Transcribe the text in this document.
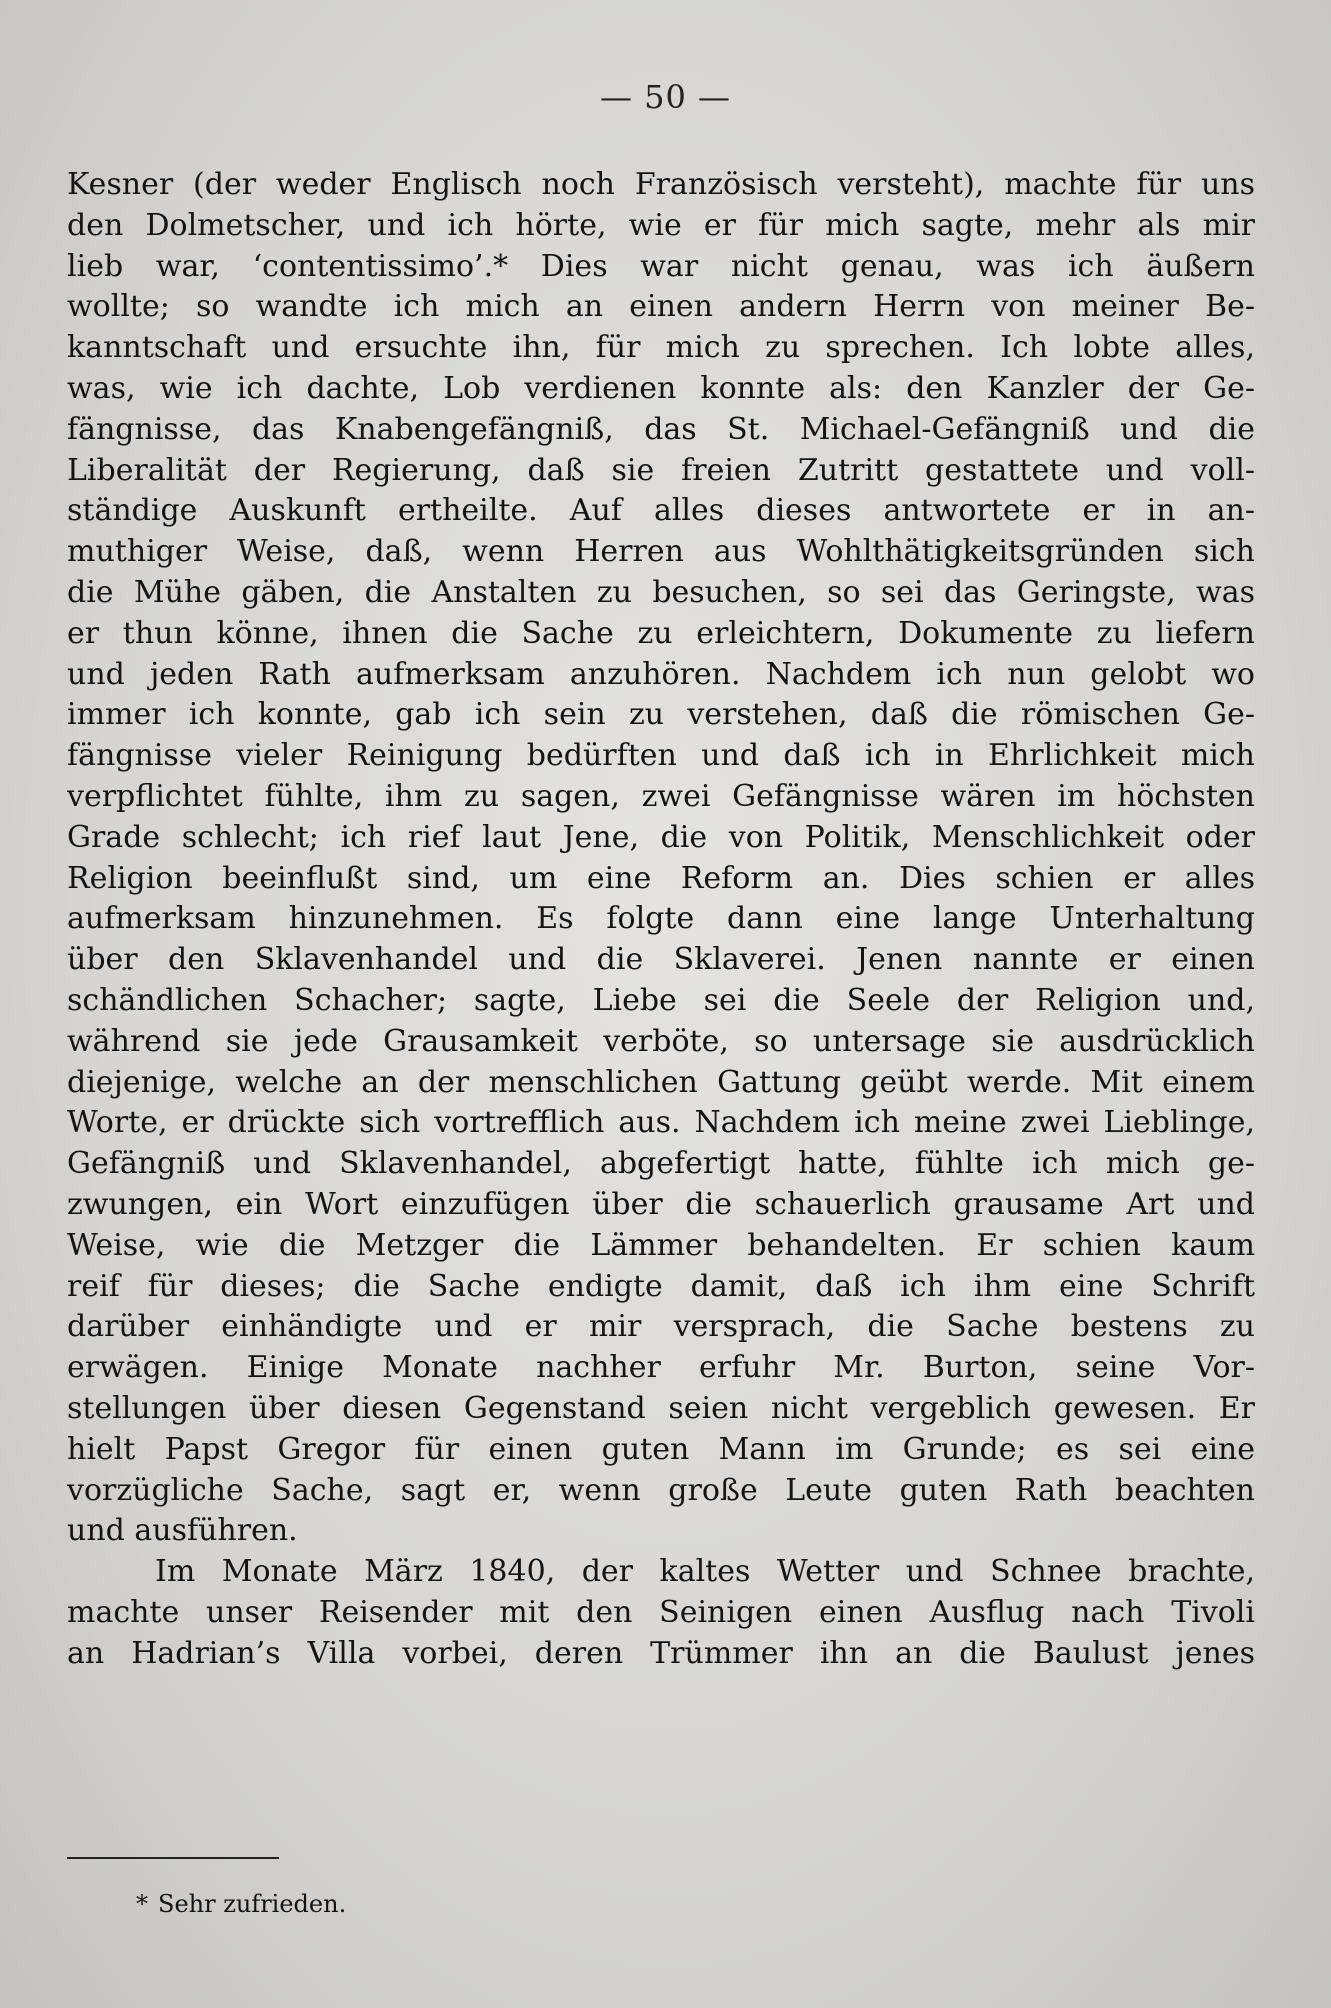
— 50 —
Kesner (der weder Englisch noch Französisch versteht), machte für uns
den Dolmetscher, und ich hörte, wie er für mich sagte, mehr als mir
lieb war, ‘contentissimo’.* Dies war nicht genau, was ich äußern
wollte; so wandte ich mich an einen andern Herrn von meiner Be-
kanntschaft und ersuchte ihn, für mich zu sprechen. Ich lobte alles,
was, wie ich dachte, Lob verdienen konnte als: den Kanzler der Ge-
fängnisse, das Knabengefängniß, das St. Michael-Gefängniß und die
Liberalität der Regierung, daß sie freien Zutritt gestattete und voll-
ständige Auskunft ertheilte. Auf alles dieses antwortete er in an-
muthiger Weise, daß, wenn Herren aus Wohlthätigkeitsgründen sich
die Mühe gäben, die Anstalten zu besuchen, so sei das Geringste, was
er thun könne, ihnen die Sache zu erleichtern, Dokumente zu liefern
und jeden Rath aufmerksam anzuhören. Nachdem ich nun gelobt wo
immer ich konnte, gab ich sein zu verstehen, daß die römischen Ge-
fängnisse vieler Reinigung bedürften und daß ich in Ehrlichkeit mich
verpflichtet fühlte, ihm zu sagen, zwei Gefängnisse wären im höchsten
Grade schlecht; ich rief laut Jene, die von Politik, Menschlichkeit oder
Religion beeinflußt sind, um eine Reform an. Dies schien er alles
aufmerksam hinzunehmen. Es folgte dann eine lange Unterhaltung
über den Sklavenhandel und die Sklaverei. Jenen nannte er einen
schändlichen Schacher; sagte, Liebe sei die Seele der Religion und,
während sie jede Grausamkeit verböte, so untersage sie ausdrücklich
diejenige, welche an der menschlichen Gattung geübt werde. Mit einem
Worte, er drückte sich vortrefflich aus. Nachdem ich meine zwei Lieblinge,
Gefängniß und Sklavenhandel, abgefertigt hatte, fühlte ich mich ge-
zwungen, ein Wort einzufügen über die schauerlich grausame Art und
Weise, wie die Metzger die Lämmer behandelten. Er schien kaum
reif für dieses; die Sache endigte damit, daß ich ihm eine Schrift
darüber einhändigte und er mir versprach, die Sache bestens zu
erwägen. Einige Monate nachher erfuhr Mr. Burton, seine Vor-
stellungen über diesen Gegenstand seien nicht vergeblich gewesen. Er
hielt Papst Gregor für einen guten Mann im Grunde; es sei eine
vorzügliche Sache, sagt er, wenn große Leute guten Rath beachten
und ausführen.
Im Monate März 1840, der kaltes Wetter und Schnee brachte,
machte unser Reisender mit den Seinigen einen Ausflug nach Tivoli
an Hadrian’s Villa vorbei, deren Trümmer ihn an die Baulust jenes
* Sehr zufrieden.
